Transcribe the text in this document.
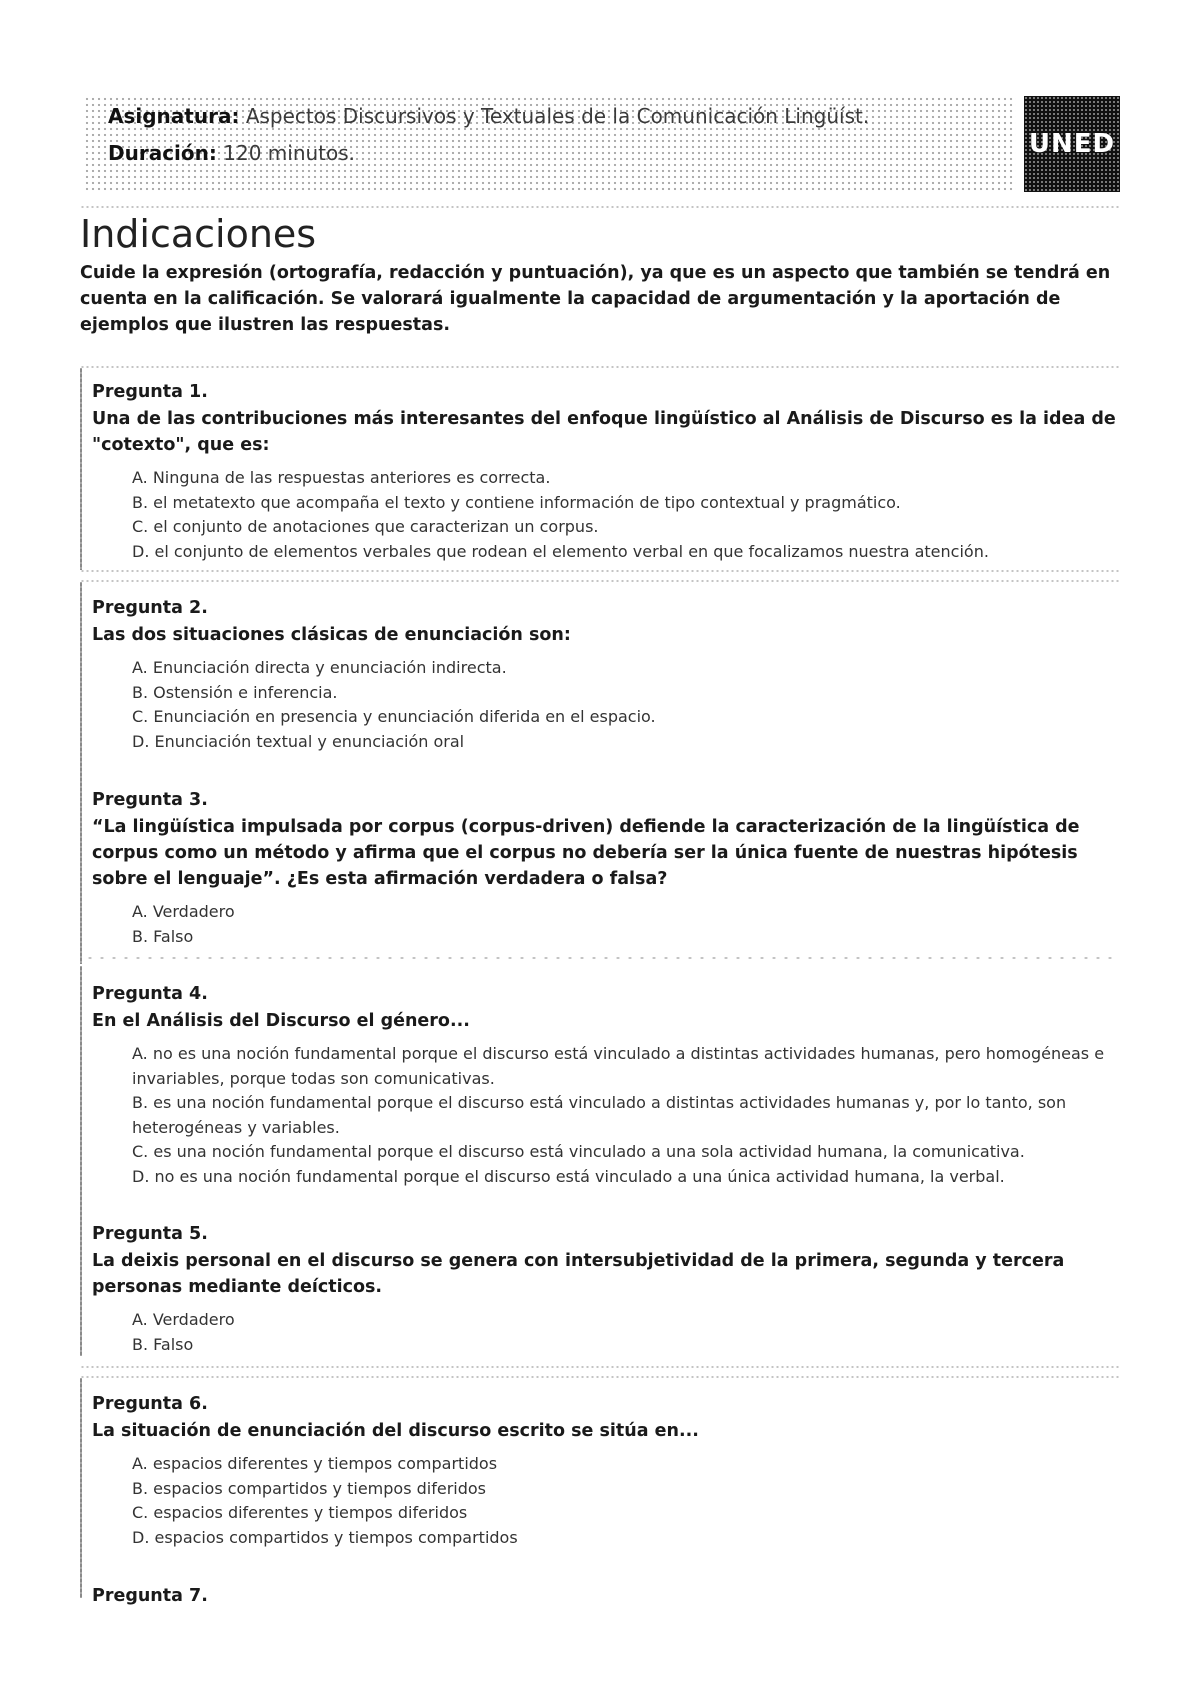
Asignatura: Aspectos Discursivos y Textuales de la Comunicación Lingüíst.
Duración: 120 minutos.	UNED
Indicaciones

Cuide la expresión (ortografía, redacción y puntuación), ya que es un aspecto que también se tendrá en cuenta en la calificación. Se valorará igualmente la capacidad de argumentación y la aportación de ejemplos que ilustren las respuestas.

Pregunta 1.
Una de las contribuciones más interesantes del enfoque lingüístico al Análisis de Discurso es la idea de "cotexto", que es:
A. Ninguna de las respuestas anteriores es correcta.
B. el metatexto que acompaña el texto y contiene información de tipo contextual y pragmático.
C. el conjunto de anotaciones que caracterizan un corpus.
D. el conjunto de elementos verbales que rodean el elemento verbal en que focalizamos nuestra atención.
Pregunta 2.
Las dos situaciones clásicas de enunciación son:
A. Enunciación directa y enunciación indirecta.
B. Ostensión e inferencia.
C. Enunciación en presencia y enunciación diferida en el espacio.
D. Enunciación textual y enunciación oral
Pregunta 3.
“La lingüística impulsada por corpus (corpus-driven) defiende la caracterización de la lingüística de corpus como un método y afirma que el corpus no debería ser la única fuente de nuestras hipótesis sobre el lenguaje”. ¿Es esta afirmación verdadera o falsa?
A. Verdadero
B. Falso
Pregunta 4.
En el Análisis del Discurso el género...
A. no es una noción fundamental porque el discurso está vinculado a distintas actividades humanas, pero homogéneas e invariables, porque todas son comunicativas.
B. es una noción fundamental porque el discurso está vinculado a distintas actividades humanas y, por lo tanto, son heterogéneas y variables.
C. es una noción fundamental porque el discurso está vinculado a una sola actividad humana, la comunicativa.
D. no es una noción fundamental porque el discurso está vinculado a una única actividad humana, la verbal.
Pregunta 5.
La deixis personal en el discurso se genera con intersubjetividad de la primera, segunda y tercera personas mediante deícticos.
A. Verdadero
B. Falso
Pregunta 6.
La situación de enunciación del discurso escrito se sitúa en...
A. espacios diferentes y tiempos compartidos
B. espacios compartidos y tiempos diferidos
C. espacios diferentes y tiempos diferidos
D. espacios compartidos y tiempos compartidos
Pregunta 7.
